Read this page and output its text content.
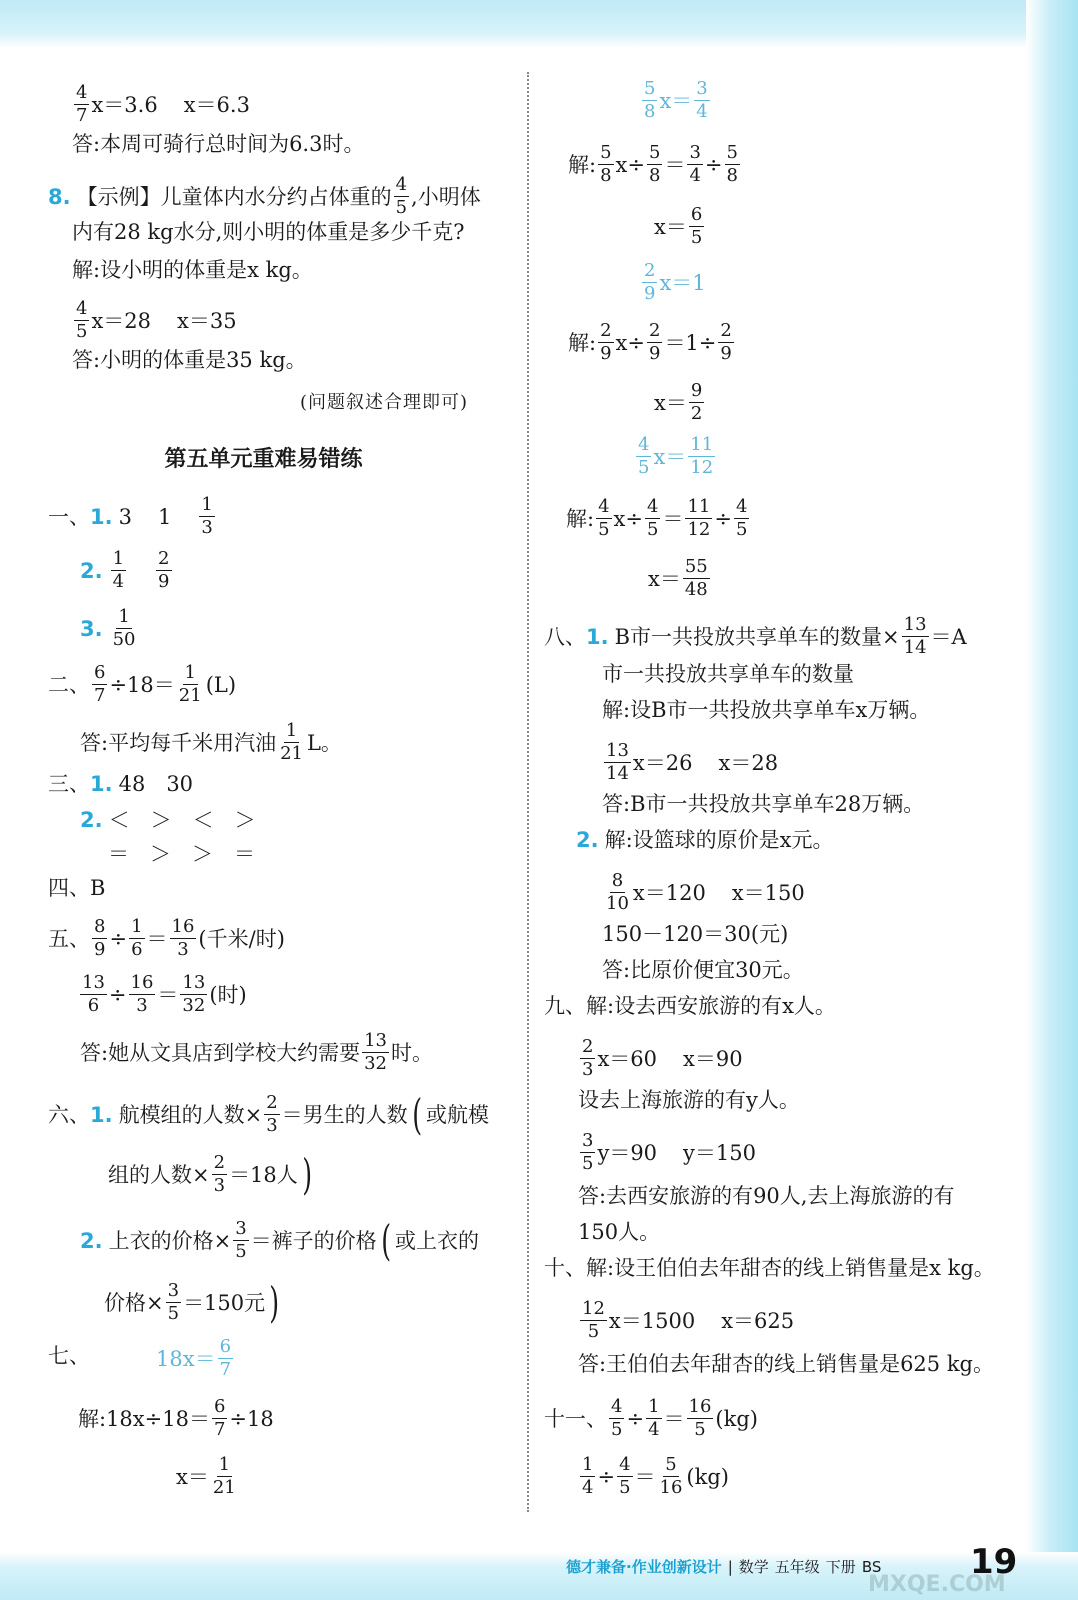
4
7 x＝3.6 x＝6.3
答:本周可骑行总时间为6.3时。
8. 【示例】儿童体内水分约占体重的 4
5 ,小明体
内有28 kg水分,则小明的体重是多少千克?
解:设小明的体重是x kg。
4
5 x＝28 x＝35
答:小明的体重是35 kg。
(问题叙述合理即可)
第五单元重难易错练
一、 1. 3 1 1
3
2. 1
4
2
9
3. 1
50
二、 $\frac{6}{7} \div 18= 1$
21 (L)
答:平均每千米用汽油 1
21 L。
三、 1. 48　30
2. ＜　＞　＜　＞
＝　＞　＞　＝
四、B
五、 8
9 ÷ 1
6 ＝ 16
3 (千米/时)
13
6 ÷ 16
3 ＝ 13
32 (时)
答:她从文具店到学校大约需要 13
32 时。
六、 1. 航模组的人数× $\frac{2}{3}$ ＝男生的人数 ( 或航模
组的人数× $\frac{2}{3} =18$人 )
2. 上衣的价格× $\frac{3}{5}$ ＝裤子的价格 ( 或上衣的
价格× $\frac{3}{5} =150$元 )
七、	18x＝ 6
7
解:18x÷18＝ $\frac{6}{7} \div 18$
x＝ 1
21
5
8 x＝ 3
4
解: 5
8 x÷ 5
8 ＝ 3
4 ÷ 5
8
x＝ 6
5
2
9 x＝1
解: 2
9 x÷ 2
$9 =1\div \frac{2}{9}$
x＝ 9
2
4
5 x＝ 11
12
解: 4
5 x÷ 4
5 ＝ 11
12 ÷ 4
5
x＝ 55
48
八、 1. B市一共投放共享单车的数量× $\frac{13}{14} =A$
市一共投放共享单车的数量
解:设B市一共投放共享单车x万辆。
13
14 x＝26 x＝28
答:B市一共投放共享单车28万辆。
2. 解:设篮球的原价是x元。
8
10 x＝120 x＝150
150－120＝30(元)
答:比原价便宜30元。
九、解:设去西安旅游的有x人。
2
3 x＝60 x＝90
设去上海旅游的有y人。
3
5 y＝90 y＝150
答:去西安旅游的有90人,去上海旅游的有
150人。
十、解:设王伯伯去年甜杏的线上销售量是x kg。
12
5 x＝1500 x＝625
答:王伯伯去年甜杏的线上销售量是625 kg。
十一、 4
5 ÷ 1
4 ＝ 16
5 (kg)
1
4 ÷ 4
5 ＝ 5
16 (kg)
德才兼备·作业创新设计 | 数学 五年级 下册 BS	19
MXQE.COM
